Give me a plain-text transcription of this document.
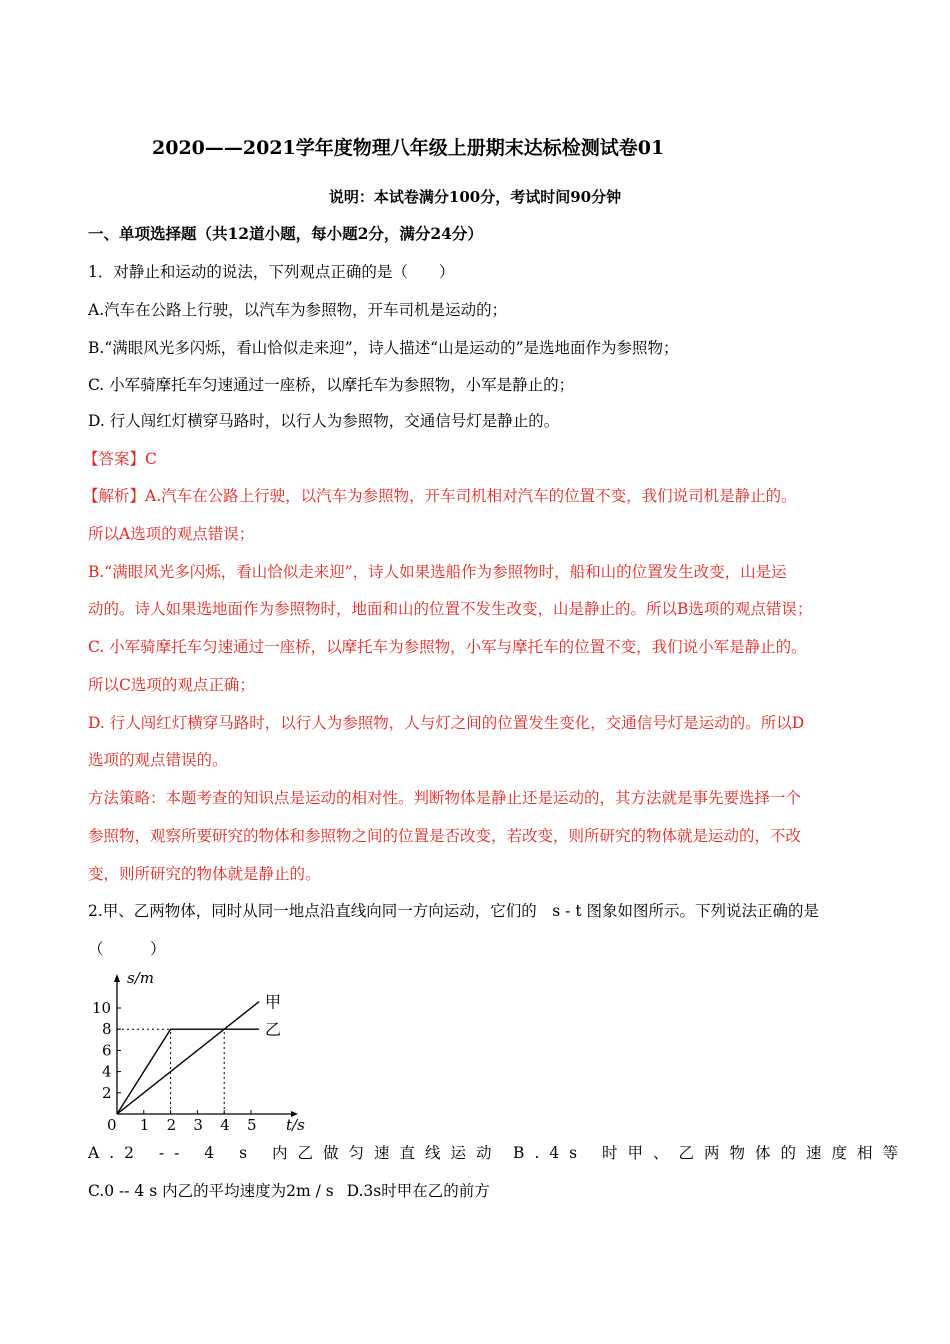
2020——2021学年度物理八年级上册期末达标检测试卷01
说明：本试卷满分100分，考试时间90分钟
一、单项选择题（共12道小题，每小题2分，满分24分）
1．对静止和运动的说法，下列观点正确的是（　　）
A.汽车在公路上行驶，以汽车为参照物，开车司机是运动的；
B.“满眼风光多闪烁，看山恰似走来迎”，诗人描述“山是运动的”是选地面作为参照物；
C. 小军骑摩托车匀速通过一座桥，以摩托车为参照物，小军是静止的；
D. 行人闯红灯横穿马路时，以行人为参照物，交通信号灯是静止的。
【答案】C
【解析】A.汽车在公路上行驶，以汽车为参照物，开车司机相对汽车的位置不变，我们说司机是静止的。
所以A选项的观点错误；
B.“满眼风光多闪烁，看山恰似走来迎”，诗人如果选船作为参照物时，船和山的位置发生改变，山是运
动的。诗人如果选地面作为参照物时，地面和山的位置不发生改变，山是静止的。所以B选项的观点错误；
C. 小军骑摩托车匀速通过一座桥，以摩托车为参照物，小军与摩托车的位置不变，我们说小军是静止的。
所以C选项的观点正确；
D. 行人闯红灯横穿马路时，以行人为参照物，人与灯之间的位置发生变化，交通信号灯是运动的。所以D
选项的观点错误的。
方法策略：本题考查的知识点是运动的相对性。判断物体是静止还是运动的，其方法就是事先要选择一个
参照物，观察所要研究的物体和参照物之间的位置是否改变，若改变，则所研究的物体就是运动的，不改
变，则所研究的物体就是静止的。
2.甲、乙两物体，同时从同一地点沿直线向同一方向运动，它们的　s - t 图象如图所示。下列说法正确的是
（　　　）
0 1 2 3 4 5
2
4
6
8
10
s/m
t/s
甲
乙
A.2 -- 4 s 内乙做匀速直线运动 B.4s 时甲、乙两物体的速度相等
C.0 -- 4 s 内乙的平均速度为2m / s D.3s时甲在乙的前方
